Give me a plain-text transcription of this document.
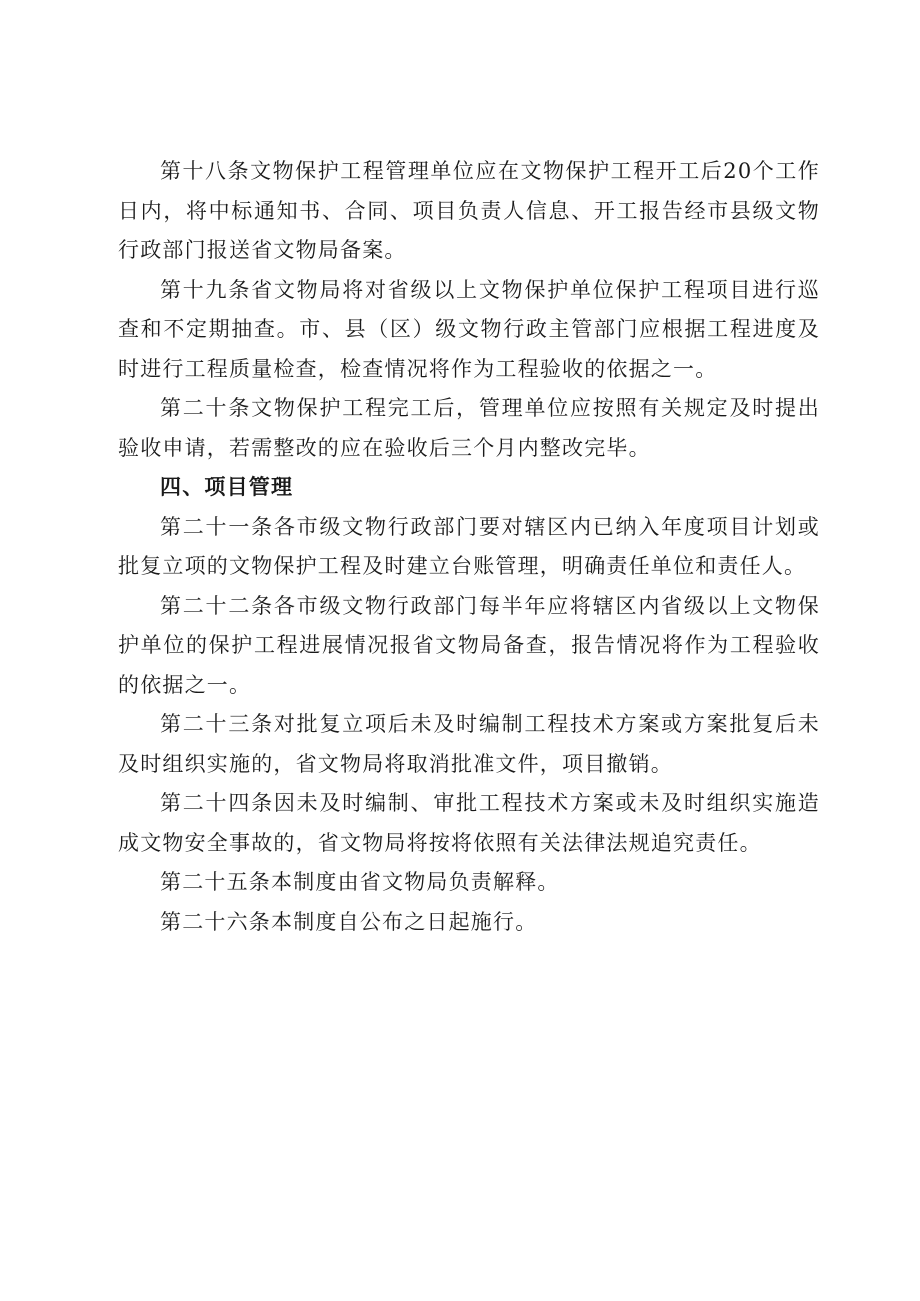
第十八条文物保护工程管理单位应在文物保护工程开工后20个工作日内，将中标通知书、合同、项目负责人信息、开工报告经市县级文物行政部门报送省文物局备案。

第十九条省文物局将对省级以上文物保护单位保护工程项目进行巡查和不定期抽查。市、县（区）级文物行政主管部门应根据工程进度及时进行工程质量检查，检查情况将作为工程验收的依据之一。

第二十条文物保护工程完工后，管理单位应按照有关规定及时提出验收申请，若需整改的应在验收后三个月内整改完毕。

四、项目管理

第二十一条各市级文物行政部门要对辖区内已纳入年度项目计划或批复立项的文物保护工程及时建立台账管理，明确责任单位和责任人。

第二十二条各市级文物行政部门每半年应将辖区内省级以上文物保护单位的保护工程进展情况报省文物局备查，报告情况将作为工程验收的依据之一。

第二十三条对批复立项后未及时编制工程技术方案或方案批复后未及时组织实施的，省文物局将取消批准文件，项目撤销。

第二十四条因未及时编制、审批工程技术方案或未及时组织实施造成文物安全事故的，省文物局将按将依照有关法律法规追究责任。

第二十五条本制度由省文物局负责解释。

第二十六条本制度自公布之日起施行。
